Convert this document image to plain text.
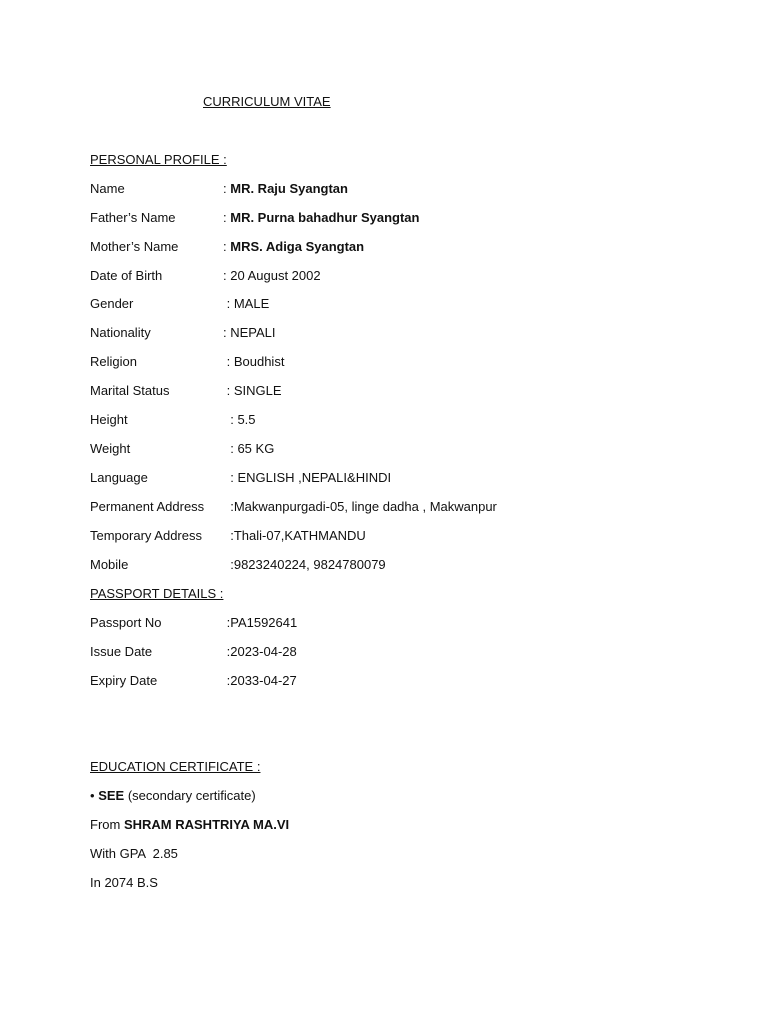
CURRICULUM VITAE
PERSONAL PROFILE :
Name	: MR. Raju Syangtan
Father’s Name	: MR. Purna bahadhur Syangtan
Mother’s Name	: MRS. Adiga Syangtan
Date of Birth	: 20 August 2002
Gender	: MALE
Nationality	: NEPALI
Religion	: Boudhist
Marital Status	: SINGLE
Height	: 5.5
Weight	: 65 KG
Language	: ENGLISH ,NEPALI&HINDI
Permanent Address :Makwanpurgadi-05, linge dadha , Makwanpur
Temporary Address :Thali-07,KATHMANDU
Mobile	:9823240224, 9824780079
PASSPORT DETAILS :
Passport No	:PA1592641
Issue Date	:2023-04-28
Expiry Date	:2033-04-27
EDUCATION CERTIFICATE :
• SEE (secondary certificate)
From SHRAM RASHTRIYA MA.VI
With GPA  2.85
In 2074 B.S
